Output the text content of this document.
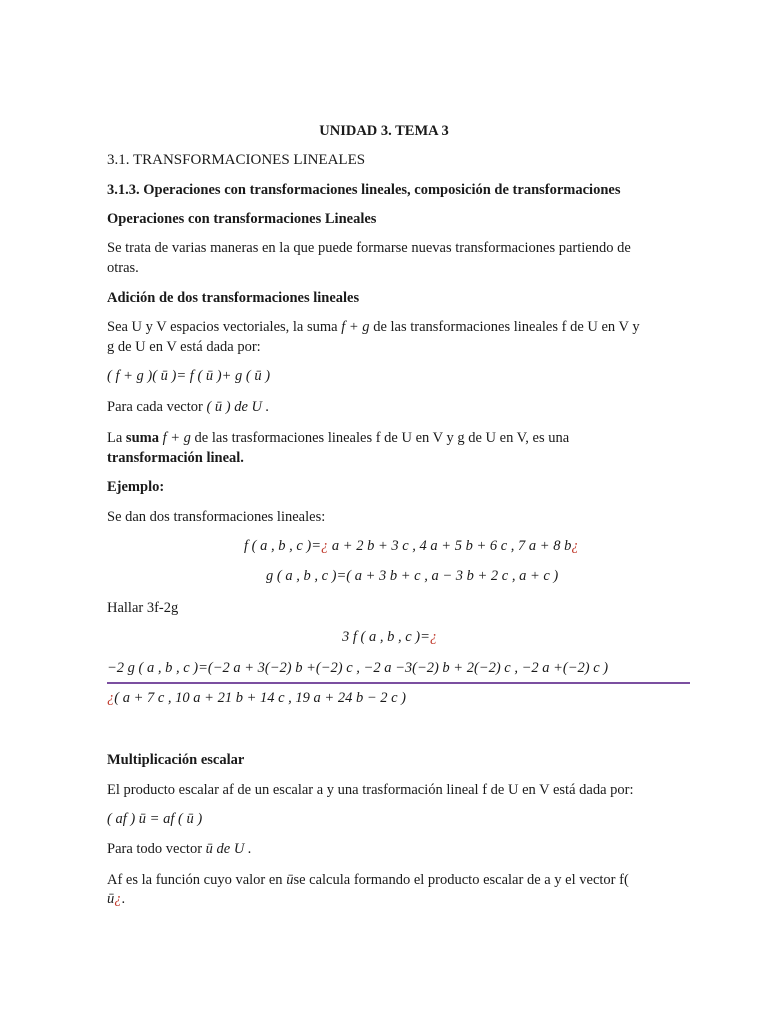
UNIDAD 3. TEMA 3
3.1. TRANSFORMACIONES LINEALES
3.1.3. Operaciones con transformaciones lineales, composición de transformaciones
Operaciones con transformaciones Lineales
Se trata de varias maneras en la que puede formarse nuevas transformaciones partiendo de
otras.
Adición de dos transformaciones lineales
Sea U y V espacios vectoriales, la suma f + g de las transformaciones lineales f de U en V y
g de U en V está dada por:
( f + g )( ū )= f ( ū )+ g ( ū )
Para cada vector ( ū ) de U .
La suma f + g de las trasformaciones lineales f de U en V y g de U en V, es una
transformación lineal.
Ejemplo:
Se dan dos transformaciones lineales:
f ( a , b , c )=¿ a + 2 b + 3 c , 4 a + 5 b + 6 c , 7 a + 8 b¿
g ( a , b , c )=( a + 3 b + c , a − 3 b + 2 c , a + c )
Hallar 3f-2g
3 f ( a , b , c )=¿
−2 g ( a , b , c )=(−2 a + 3(−2) b +(−2) c , −2 a −3(−2) b + 2(−2) c , −2 a +(−2) c )
¿( a + 7 c , 10 a + 21 b + 14 c , 19 a + 24 b − 2 c )
Multiplicación escalar
El producto escalar af de un escalar a y una trasformación lineal f de U en V está dada por:
( af ) ū = af ( ū )
Para todo vector ū de U .
Af es la función cuyo valor en ūse calcula formando el producto escalar de a y el vector f(
ū¿.
